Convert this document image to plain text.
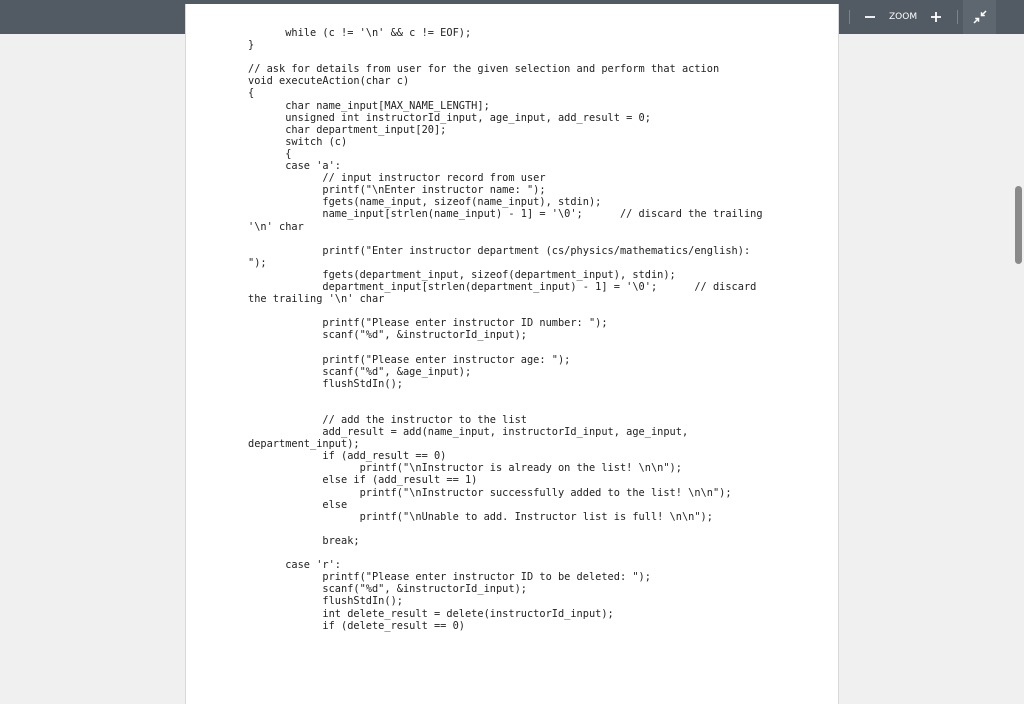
2
ZOOM
while (c != '\n' && c != EOF);
}

// ask for details from user for the given selection and perform that action
void executeAction(char c)
{
char name_input[MAX_NAME_LENGTH];
unsigned int instructorId_input, age_input, add_result = 0;
char department_input[20];
switch (c)
{
case 'a':
// input instructor record from user
printf("\nEnter instructor name: ");
fgets(name_input, sizeof(name_input), stdin);
name_input[strlen(name_input) - 1] = '\0';      // discard the trailing
'\n' char

printf("Enter instructor department (cs/physics/mathematics/english):
");
fgets(department_input, sizeof(department_input), stdin);
department_input[strlen(department_input) - 1] = '\0';      // discard
the trailing '\n' char

printf("Please enter instructor ID number: ");
scanf("%d", &instructorId_input);

printf("Please enter instructor age: ");
scanf("%d", &age_input);
flushStdIn();

// add the instructor to the list
add_result = add(name_input, instructorId_input, age_input,
department_input);
if (add_result == 0)
printf("\nInstructor is already on the list! \n\n");
else if (add_result == 1)
printf("\nInstructor successfully added to the list! \n\n");
else
printf("\nUnable to add. Instructor list is full! \n\n");

break;

case 'r':
printf("Please enter instructor ID to be deleted: ");
scanf("%d", &instructorId_input);
flushStdIn();
int delete_result = delete(instructorId_input);
if (delete_result == 0)
